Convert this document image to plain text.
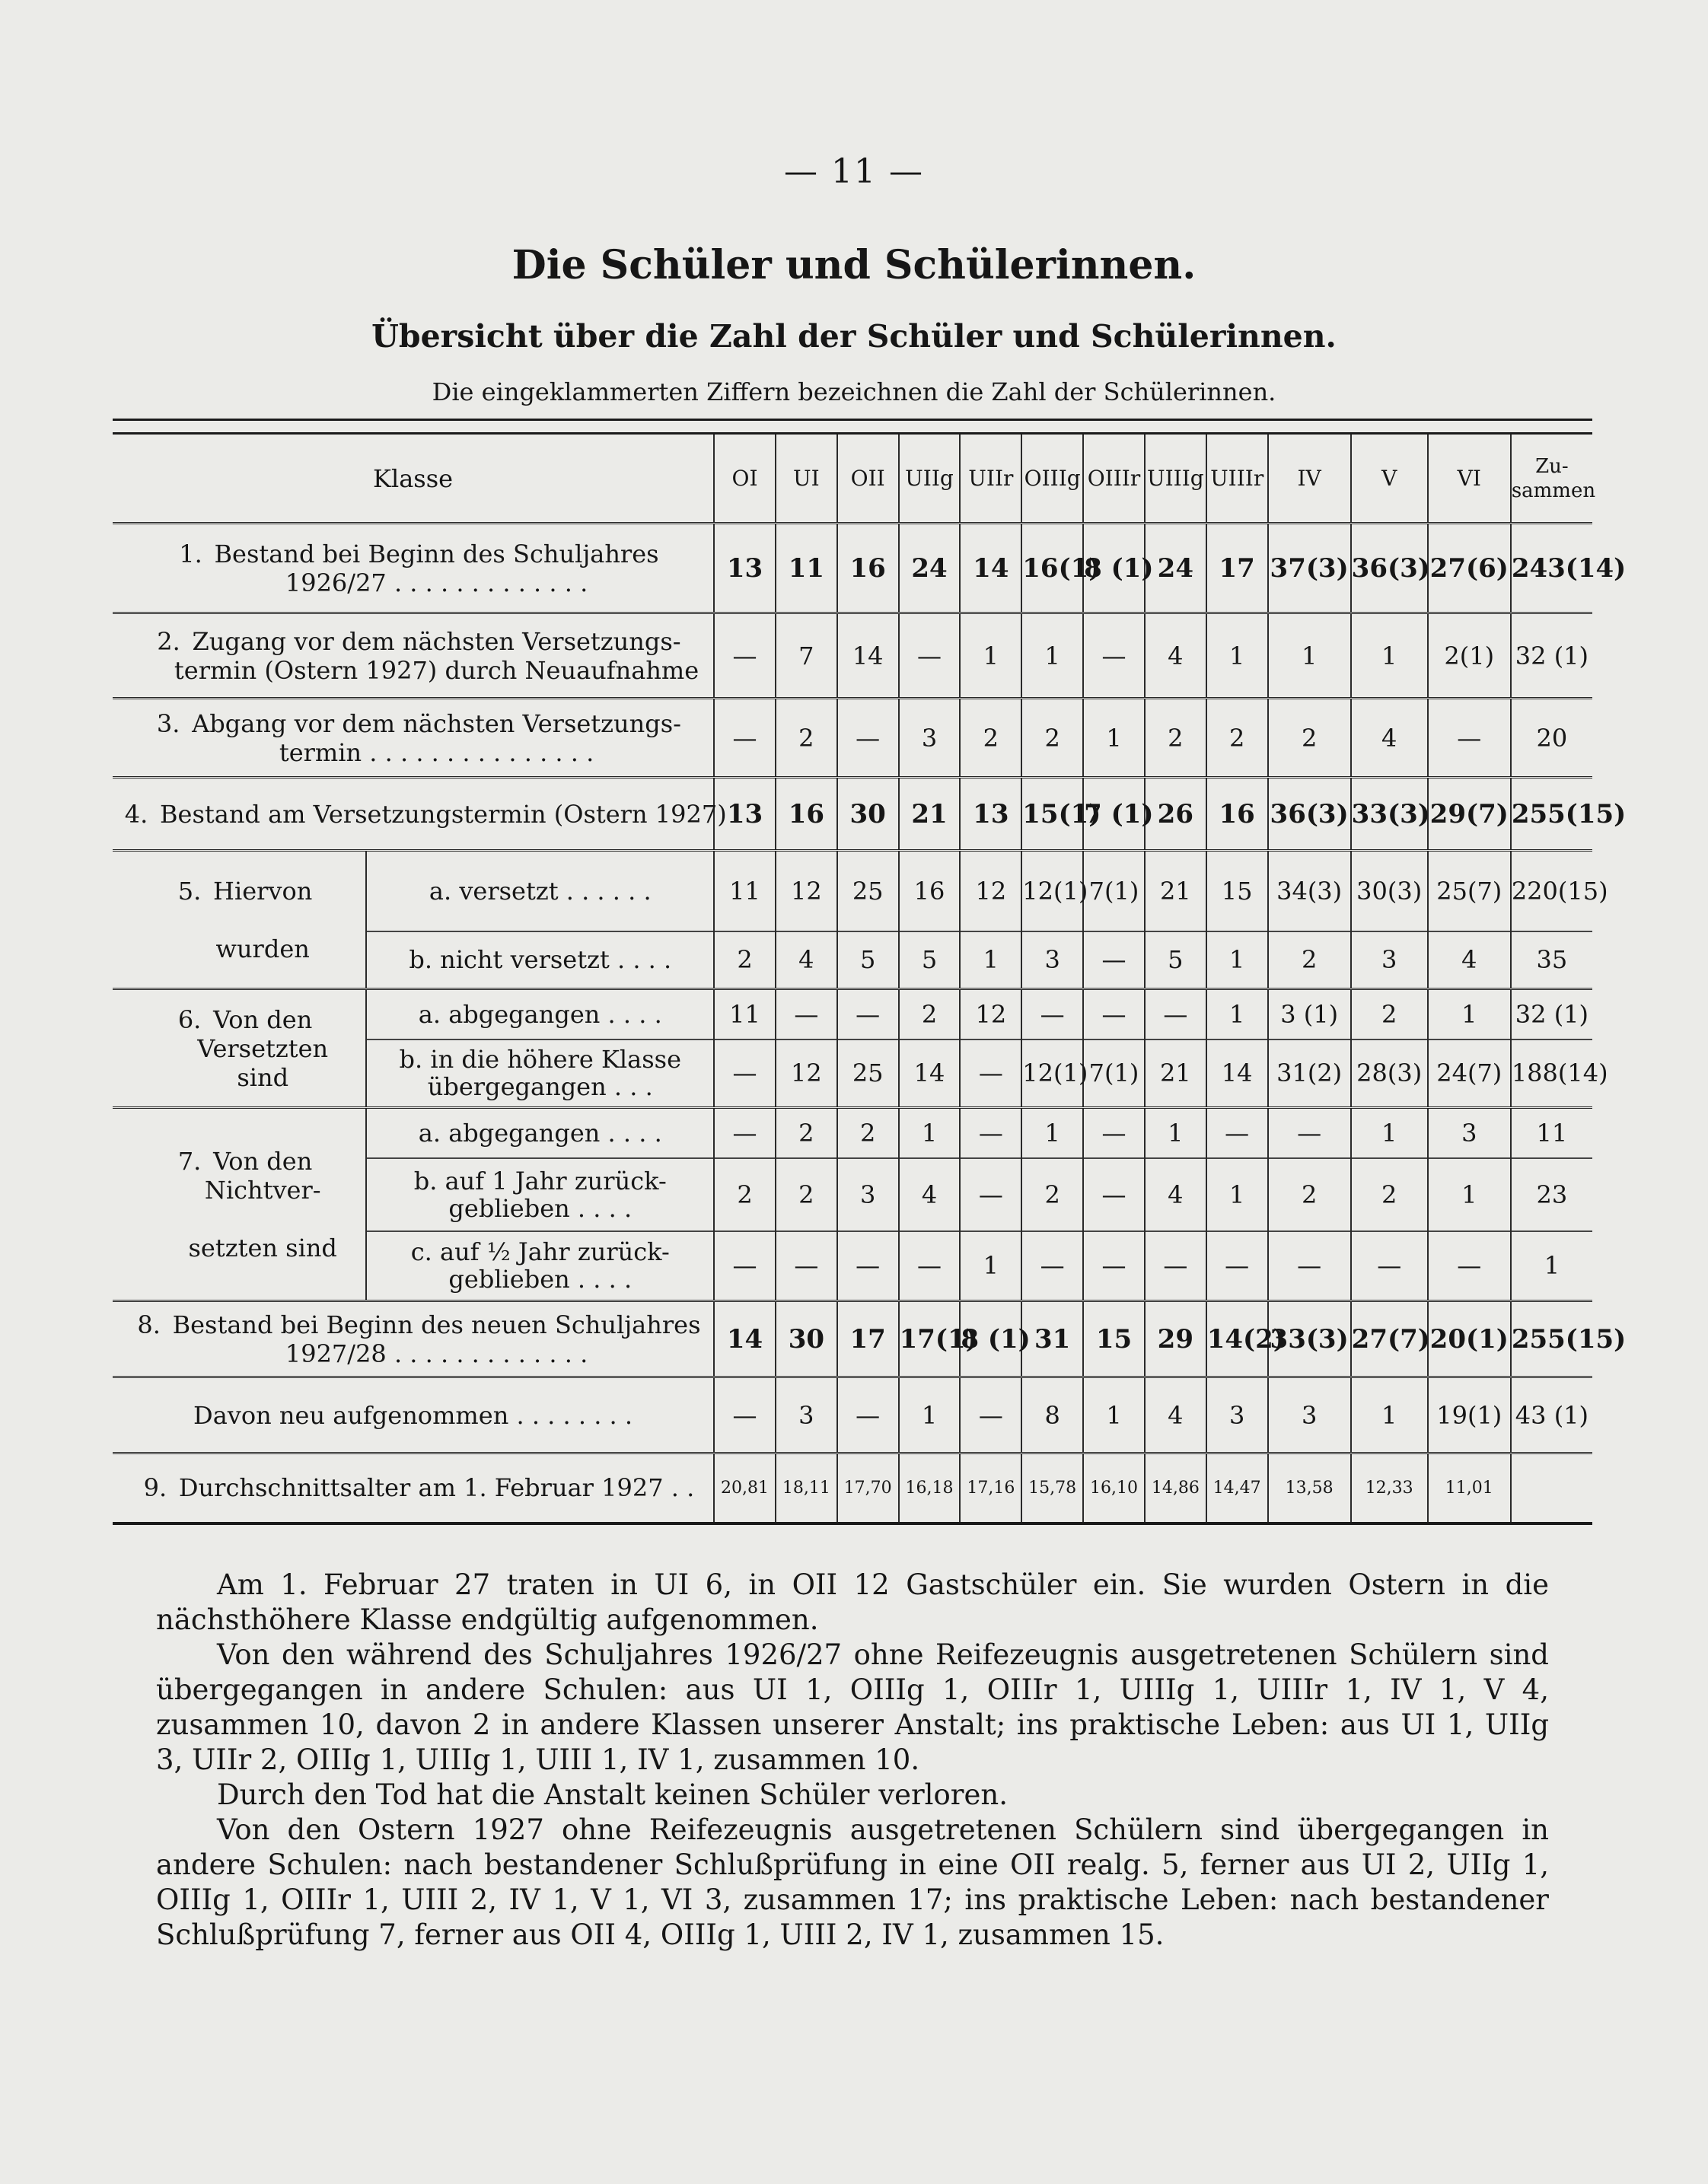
— 11 —
Die Schüler und Schülerinnen.
Übersicht über die Zahl der Schüler und Schülerinnen.
Die eingeklammerten Ziffern bezeichnen die Zahl der Schülerinnen.
Klasse		OI	UI	OII	UIIg	UIIr	OIIIg	OIIIr	UIIIg	UIIIr	IV	V	VI	Zu-
sammen
1. Bestand bei Beginn des Schuljahres
1926/27 . . . . . . . . . . . . .		13	11	16	24	14	16(1)	8 (1)	24	17	37(3)	36(3)	27(6)	243(14)
2. Zugang vor dem nächsten Versetzungs-
termin (Ostern 1927) durch Neuaufnahme		—	7	14	—	1	1	—	4	1	1	1	2(1)	32 (1)
3. Abgang vor dem nächsten Versetzungs-
termin . . . . . . . . . . . . . . .		—	2	—	3	2	2	1	2	2	2	4	—	20
4. Bestand am Versetzungstermin (Ostern 1927)		13	16	30	21	13	15(1)	7 (1)	26	16	36(3)	33(3)	29(7)	255(15)
5. Hiervon

wurden	a. versetzt . . . . . .	11	12	25	16	12	12(1)	7(1)	21	15	34(3)	30(3)	25(7)	220(15)
	b. nicht versetzt . . . .	2	4	5	5	1	3	—	5	1	2	3	4	35
6. Von den
Versetzten
sind	a. abgegangen . . . .	11	—	—	2	12	—	—	—	1	3 (1)	2	1	32 (1)
	b. in die höhere Klasse
übergegangen . . .	—	12	25	14	—	12(1)	7(1)	21	14	31(2)	28(3)	24(7)	188(14)
7. Von den
Nichtver-

setzten sind	a. abgegangen . . . .	—	2	2	1	—	1	—	1	—	—	1	3	11
	b. auf 1 Jahr zurück-
geblieben . . . .	2	2	3	4	—	2	—	4	1	2	2	1	23
	c. auf ½ Jahr zurück-
geblieben . . . .	—	—	—	—	1	—	—	—	—	—	—	—	1
8. Bestand bei Beginn des neuen Schuljahres
1927/28 . . . . . . . . . . . . .		14	30	17	17(1)	8 (1)	31	15	29	14(2)	33(3)	27(7)	20(1)	255(15)
Davon neu aufgenommen . . . . . . . .		—	3	—	1	—	8	1	4	3	3	1	19(1)	43 (1)
9. Durchschnittsalter am 1. Februar 1927 . .		20,81	18,11	17,70	16,18	17,16	15,78	16,10	14,86	14,47	13,58	12,33	11,01	

Am 1. Februar 27 traten in UI 6, in OII 12 Gastschüler ein. Sie wurden Ostern in die nächsthöhere Klasse endgültig aufgenommen.

Von den während des Schuljahres 1926/27 ohne Reifezeugnis ausgetretenen Schülern sind übergegangen in andere Schulen: aus UI 1, OIIIg 1, OIIIr 1, UIIIg 1, UIIIr 1, IV 1, V 4, zusammen 10, davon 2 in andere Klassen unserer Anstalt; ins praktische Leben: aus UI 1, UIIg 3, UIIr 2, OIIIg 1, UIIIg 1, UIII 1, IV 1, zusammen 10.

Durch den Tod hat die Anstalt keinen Schüler verloren.

Von den Ostern 1927 ohne Reifezeugnis ausgetretenen Schülern sind übergegangen in andere Schulen: nach bestandener Schlußprüfung in eine OII realg. 5, ferner aus UI 2, UIIg 1, OIIIg 1, OIIIr 1, UIII 2, IV 1, V 1, VI 3, zusammen 17; ins praktische Leben: nach bestandener Schlußprüfung 7, ferner aus OII 4, OIIIg 1, UIII 2, IV 1, zusammen 15.
